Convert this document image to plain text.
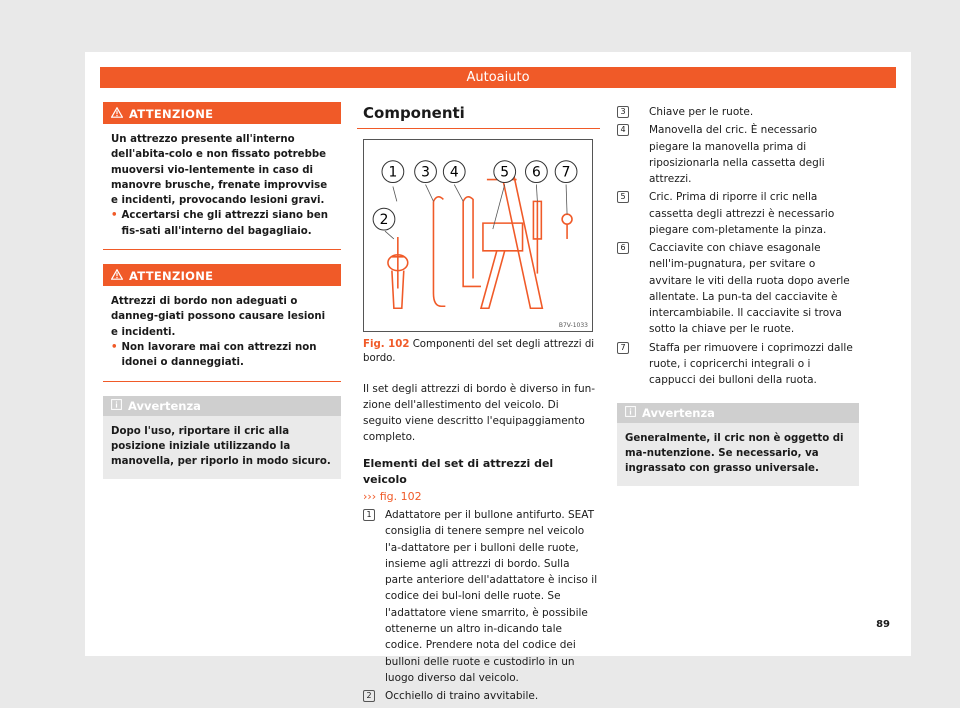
Autoaiuto
ATTENZIONE
Un attrezzo presente all'interno dell'abita-colo e non fissato potrebbe muoversi vio-lentemente in caso di manovre brusche, frenate improvvise e incidenti, provocando lesioni gravi.
• Accertarsi che gli attrezzi siano ben fis-sati all'interno del bagagliaio.
ATTENZIONE
Attrezzi di bordo non adeguati o danneg-giati possono causare lesioni e incidenti.
• Non lavorare mai con attrezzi non idonei o danneggiati.
Avvertenza
Dopo l'uso, riportare il cric alla posizione iniziale utilizzando la manovella, per riporlo in modo sicuro.
Componenti
1 3 4	5 6 7
2
B7V-1033
Fig. 102 Componenti del set degli attrezzi di bordo.
Il set degli attrezzi di bordo è diverso in fun-zione dell'allestimento del veicolo. Di seguito viene descritto l'equipaggiamento completo.
Elementi del set di attrezzi del veicolo
››› fig. 102
1	Adattatore per il bullone antifurto. SEAT consiglia di tenere sempre nel veicolo l'a-dattatore per i bulloni delle ruote, insieme agli attrezzi di bordo. Sulla parte anteriore dell'adattatore è inciso il codice dei bul-loni delle ruote. Se l'adattatore viene smarrito, è possibile ottenerne un altro in-dicando tale codice. Prendere nota del codice dei bulloni delle ruote e custodirlo in un luogo diverso dal veicolo.
2	Occhiello di traino avvitabile.
3	Chiave per le ruote.
4	Manovella del cric. È necessario piegare la manovella prima di riposizionarla nella cassetta degli attrezzi.
5	Cric. Prima di riporre il cric nella cassetta degli attrezzi è necessario piegare com-pletamente la pinza.
6	Cacciavite con chiave esagonale nell'im-pugnatura, per svitare o avvitare le viti della ruota dopo averle allentate. La pun-ta del cacciavite è intercambiabile. Il cacciavite si trova sotto la chiave per le ruote.
7	Staffa per rimuovere i coprimozzi dalle ruote, i copricerchi integrali o i cappucci dei bulloni della ruota.
Avvertenza
Generalmente, il cric non è oggetto di ma-nutenzione. Se necessario, va ingrassato con grasso universale.
89
